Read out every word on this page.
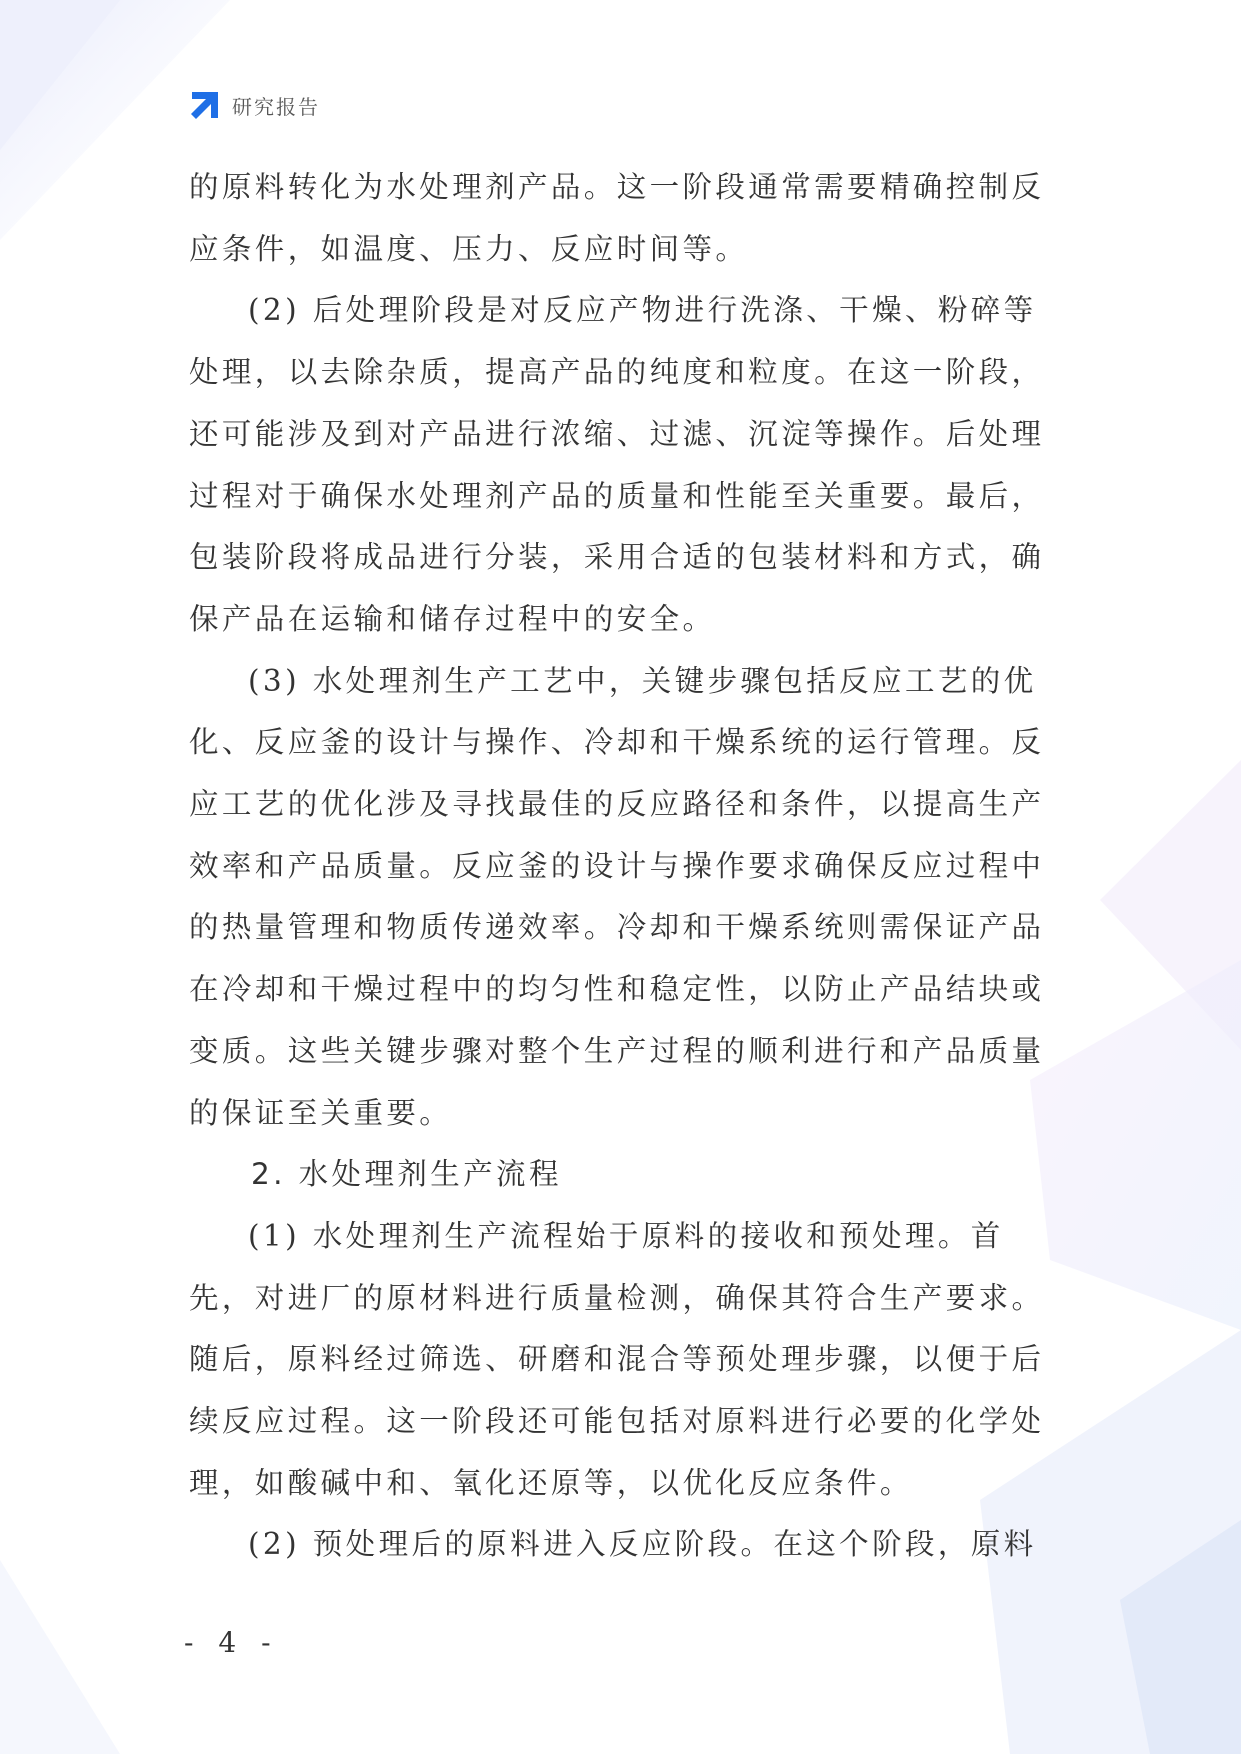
研究报告

的原料转化为水处理剂产品。这一阶段通常需要精确控制反应条件，如温度、压力、反应时间等。

(2) 后处理阶段是对反应产物进行洗涤、干燥、粉碎等处理，以去除杂质，提高产品的纯度和粒度。在这一阶段，还可能涉及到对产品进行浓缩、过滤、沉淀等操作。后处理过程对于确保水处理剂产品的质量和性能至关重要。最后，包装阶段将成品进行分装，采用合适的包装材料和方式，确保产品在运输和储存过程中的安全。

(3) 水处理剂生产工艺中，关键步骤包括反应工艺的优化、反应釜的设计与操作、冷却和干燥系统的运行管理。反应工艺的优化涉及寻找最佳的反应路径和条件，以提高生产效率和产品质量。反应釜的设计与操作要求确保反应过程中的热量管理和物质传递效率。冷却和干燥系统则需保证产品在冷却和干燥过程中的均匀性和稳定性，以防止产品结块或变质。这些关键步骤对整个生产过程的顺利进行和产品质量的保证至关重要。

2. 水处理剂生产流程

(1) 水处理剂生产流程始于原料的接收和预处理。首先，对进厂的原材料进行质量检测，确保其符合生产要求。随后，原料经过筛选、研磨和混合等预处理步骤，以便于后续反应过程。这一阶段还可能包括对原料进行必要的化学处理，如酸碱中和、氧化还原等，以优化反应条件。

(2) 预处理后的原料进入反应阶段。在这个阶段，原料

- 4 -
